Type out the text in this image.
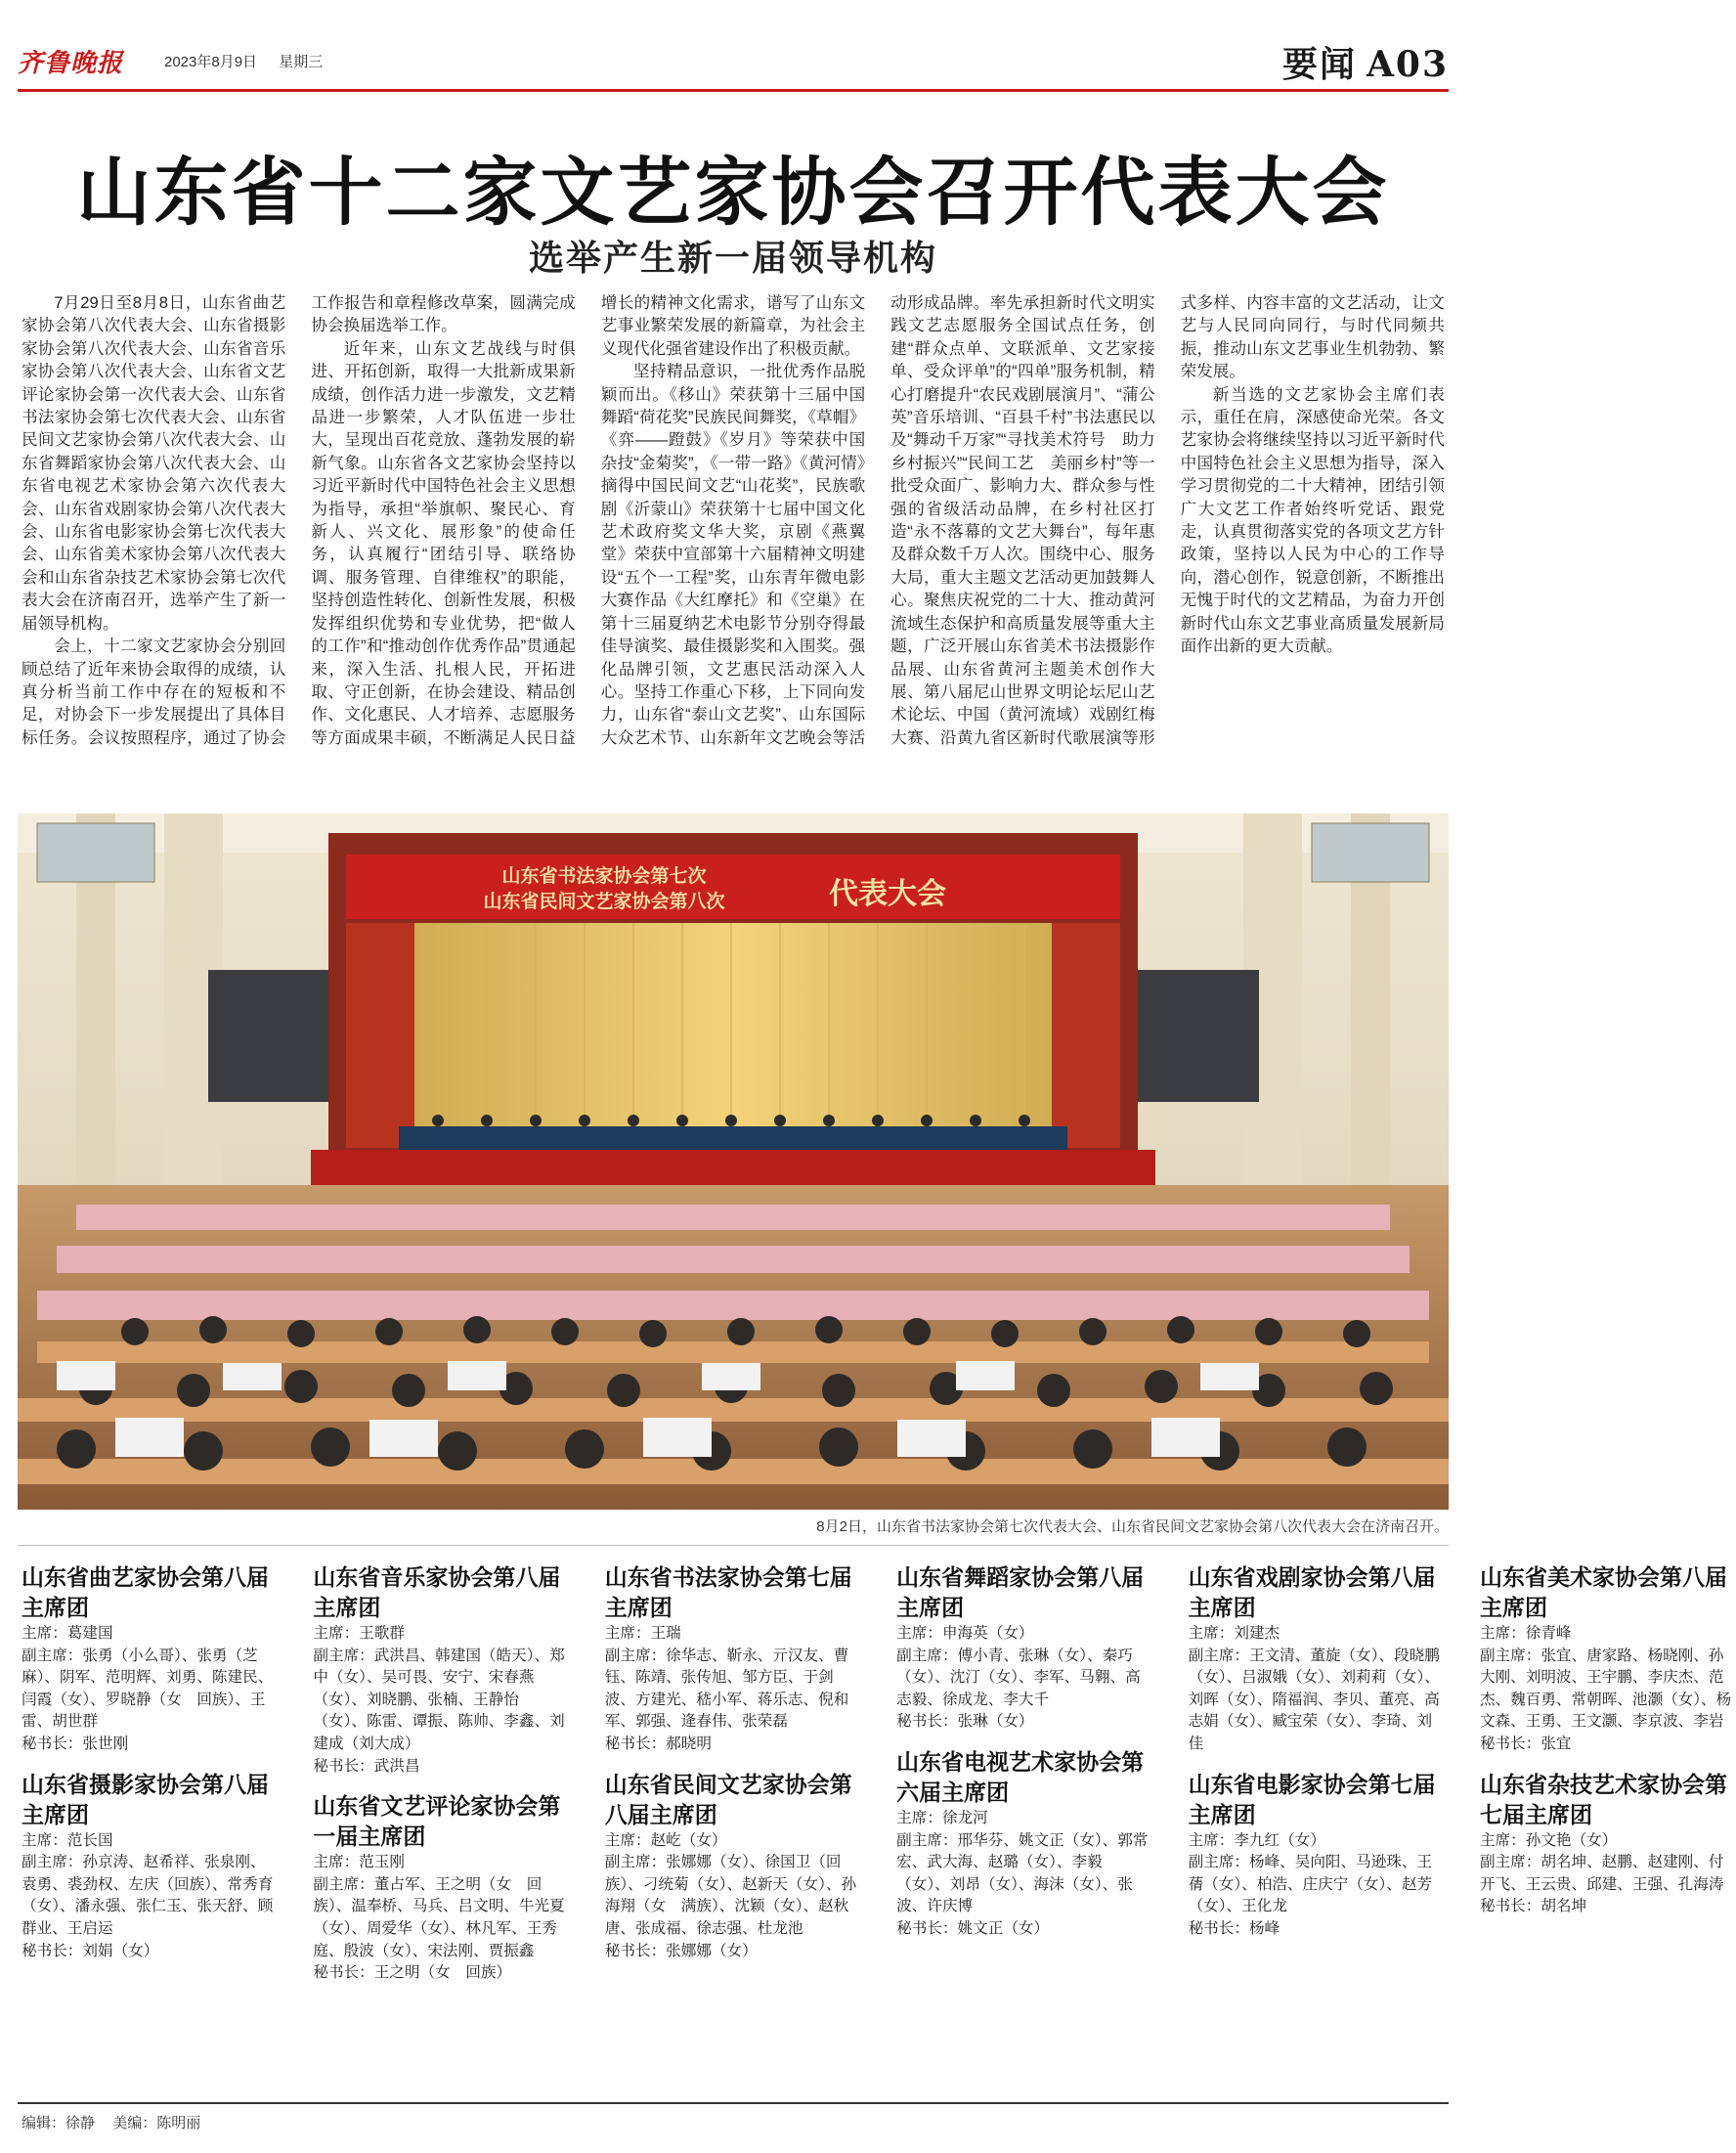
齐鲁晚报	2023年8月9日 星期三	要闻 A03
山东省十二家文艺家协会召开代表大会
选举产生新一届领导机构

7月29日至8月8日，山东省曲艺家协会第八次代表大会、山东省摄影家协会第八次代表大会、山东省音乐家协会第八次代表大会、山东省文艺评论家协会第一次代表大会、山东省书法家协会第七次代表大会、山东省民间文艺家协会第八次代表大会、山东省舞蹈家协会第八次代表大会、山东省电视艺术家协会第六次代表大会、山东省戏剧家协会第八次代表大会、山东省电影家协会第七次代表大会、山东省美术家协会第八次代表大会和山东省杂技艺术家协会第七次代表大会在济南召开，选举产生了新一届领导机构。

会上，十二家文艺家协会分别回顾总结了近年来协会取得的成绩，认真分析当前工作中存在的短板和不足，对协会下一步发展提出了具体目标任务。会议按照程序，通过了协会工作报告和章程修改草案，圆满完成协会换届选举工作。

近年来，山东文艺战线与时俱进、开拓创新，取得一大批新成果新成绩，创作活力进一步激发，文艺精品进一步繁荣，人才队伍进一步壮大，呈现出百花竞放、蓬勃发展的崭新气象。山东省各文艺家协会坚持以习近平新时代中国特色社会主义思想为指导，承担“举旗帜、聚民心、育新人、兴文化、展形象”的使命任务，认真履行“团结引导、联络协调、服务管理、自律维权”的职能，坚持创造性转化、创新性发展，积极发挥组织优势和专业优势，把“做人的工作”和“推动创作优秀作品”贯通起来，深入生活、扎根人民，开拓进取、守正创新，在协会建设、精品创作、文化惠民、人才培养、志愿服务等方面成果丰硕，不断满足人民日益增长的精神文化需求，谱写了山东文艺事业繁荣发展的新篇章，为社会主义现代化强省建设作出了积极贡献。

坚持精品意识，一批优秀作品脱颖而出。《移山》荣获第十三届中国舞蹈“荷花奖”民族民间舞奖，《草帽》《弈——蹬鼓》《岁月》等荣获中国杂技“金菊奖”，《一带一路》《黄河情》摘得中国民间文艺“山花奖”，民族歌剧《沂蒙山》荣获第十七届中国文化艺术政府奖文华大奖，京剧《燕翼堂》荣获中宣部第十六届精神文明建设“五个一工程”奖，山东青年微电影大赛作品《大红摩托》和《空巢》在第十三届夏纳艺术电影节分别夺得最佳导演奖、最佳摄影奖和入围奖。强化品牌引领，文艺惠民活动深入人心。坚持工作重心下移，上下同向发力，山东省“泰山文艺奖”、山东国际大众艺术节、山东新年文艺晚会等活动形成品牌。率先承担新时代文明实践文艺志愿服务全国试点任务，创建“群众点单、文联派单、文艺家接单、受众评单”的“四单”服务机制，精心打磨提升“农民戏剧展演月”、“蒲公英”音乐培训、“百县千村”书法惠民以及“舞动千万家”“寻找美术符号　助力乡村振兴”“民间工艺　美丽乡村”等一批受众面广、影响力大、群众参与性强的省级活动品牌，在乡村社区打造“永不落幕的文艺大舞台”，每年惠及群众数千万人次。围绕中心、服务大局，重大主题文艺活动更加鼓舞人心。聚焦庆祝党的二十大、推动黄河流域生态保护和高质量发展等重大主题，广泛开展山东省美术书法摄影作品展、山东省黄河主题美术创作大展、第八届尼山世界文明论坛尼山艺术论坛、中国（黄河流域）戏剧红梅大赛、沿黄九省区新时代歌展演等形式多样、内容丰富的文艺活动，让文艺与人民同向同行，与时代同频共振，推动山东文艺事业生机勃勃、繁荣发展。

新当选的文艺家协会主席们表示，重任在肩，深感使命光荣。各文艺家协会将继续坚持以习近平新时代中国特色社会主义思想为指导，深入学习贯彻党的二十大精神，团结引领广大文艺工作者始终听党话、跟党走，认真贯彻落实党的各项文艺方针政策，坚持以人民为中心的工作导向，潜心创作，锐意创新，不断推出无愧于时代的文艺精品，为奋力开创新时代山东文艺事业高质量发展新局面作出新的更大贡献。

山东省书法家协会第七次
山东省民间文艺家协会第八次	代表大会
8月2日，山东省书法家协会第七次代表大会、山东省民间文艺家协会第八次代表大会在济南召开。
山东省曲艺家协会第八届主席团
主席：葛建国
副主席：张勇（小么哥）、张勇（芝麻）、阴军、范明辉、刘勇、陈建民、闫霞（女）、罗晓静（女　回族）、王雷、胡世群
秘书长：张世刚
山东省摄影家协会第八届主席团
主席：范长国
副主席：孙京涛、赵希祥、张泉刚、袁勇、裘劲权、左庆（回族）、常秀育（女）、潘永强、张仁玉、张天舒、顾群业、王启运
秘书长：刘娟（女）
山东省音乐家协会第八届主席团
主席：王歌群
副主席：武洪昌、韩建国（皓天）、郑中（女）、吴可畏、安宁、宋春燕（女）、刘晓鹏、张楠、王静怡（女）、陈雷、谭振、陈帅、李鑫、刘建成（刘大成）
秘书长：武洪昌
山东省文艺评论家协会第一届主席团
主席：范玉刚
副主席：董占军、王之明（女　回族）、温奉桥、马兵、吕文明、牛光夏（女）、周爱华（女）、林凡军、王秀庭、殷波（女）、宋法刚、贾振鑫
秘书长：王之明（女　回族）
山东省书法家协会第七届主席团
主席：王瑞
副主席：徐华志、靳永、亓汉友、曹钰、陈靖、张传旭、邹方臣、于剑波、方建光、嵇小军、蒋乐志、倪和军、郭强、逄春伟、张荣磊
秘书长：郝晓明
山东省民间文艺家协会第八届主席团
主席：赵屹（女）
副主席：张娜娜（女）、徐国卫（回族）、刁统菊（女）、赵新天（女）、孙海翔（女　满族）、沈颖（女）、赵秋唐、张成福、徐志强、杜龙池
秘书长：张娜娜（女）
山东省舞蹈家协会第八届主席团
主席：申海英（女）
副主席：傅小青、张琳（女）、秦巧（女）、沈汀（女）、李军、马翱、高志毅、徐成龙、李大千
秘书长：张琳（女）
山东省电视艺术家协会第六届主席团
主席：徐龙河
副主席：邢华芬、姚文正（女）、郭常宏、武大海、赵璐（女）、李毅（女）、刘昂（女）、海沫（女）、张波、许庆博
秘书长：姚文正（女）
山东省戏剧家协会第八届主席团
主席：刘建杰
副主席：王文清、董旋（女）、段晓鹏（女）、吕淑娥（女）、刘莉莉（女）、刘晖（女）、隋福润、李贝、董亮、高志娟（女）、臧宝荣（女）、李琦、刘佳
山东省电影家协会第七届主席团
主席：李九红（女）
副主席：杨峰、吴向阳、马逊珠、王蒨（女）、柏浩、庄庆宁（女）、赵芳（女）、王化龙
秘书长：杨峰
山东省美术家协会第八届主席团
主席：徐青峰
副主席：张宜、唐家路、杨晓刚、孙大刚、刘明波、王宇鹏、李庆杰、范杰、魏百勇、常朝晖、池灏（女）、杨文森、王勇、王文灏、李京波、李岩
秘书长：张宜
山东省杂技艺术家协会第七届主席团
主席：孙文艳（女）
副主席：胡名坤、赵鹏、赵建刚、付开飞、王云贵、邱建、王强、孔海涛
秘书长：胡名坤
编辑：徐静 美编：陈明丽
